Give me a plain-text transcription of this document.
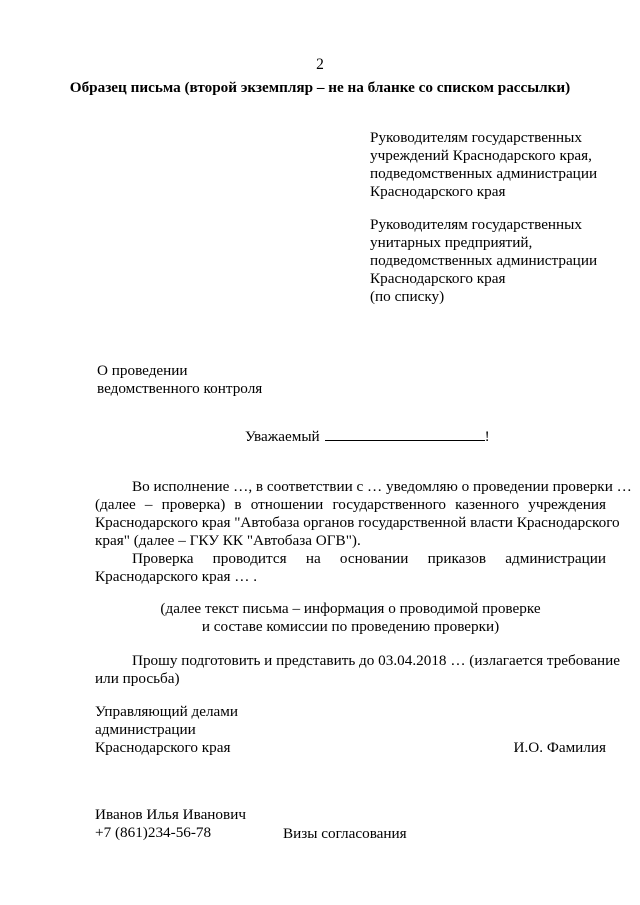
2
Образец письма (второй экземпляр – не на бланке со списком рассылки)
Руководителям государственных
учреждений Краснодарского края,
подведомственных администрации
Краснодарского края
Руководителям государственных
унитарных предприятий,
подведомственных администрации
Краснодарского края
(по списку)
О проведении
ведомственного контроля
Уважаемый	!
Во исполнение …, в соответствии с … уведомляю о проведении проверки …
(далее – проверка) в отношении государственного казенного учреждения
Краснодарского края "Автобаза органов государственной власти Краснодарского
края" (далее – ГКУ КК "Автобаза ОГВ").
Проверка проводится на основании приказов администрации
Краснодарского края … .
(далее текст письма – информация о проводимой проверке
и составе комиссии по проведению проверки)
Прошу подготовить и представить до 03.04.2018 … (излагается требование
или просьба)
Управляющий делами
администрации
Краснодарского края	И.О. Фамилия
Иванов Илья Иванович
+7 (861)234-56-78	Визы согласования
